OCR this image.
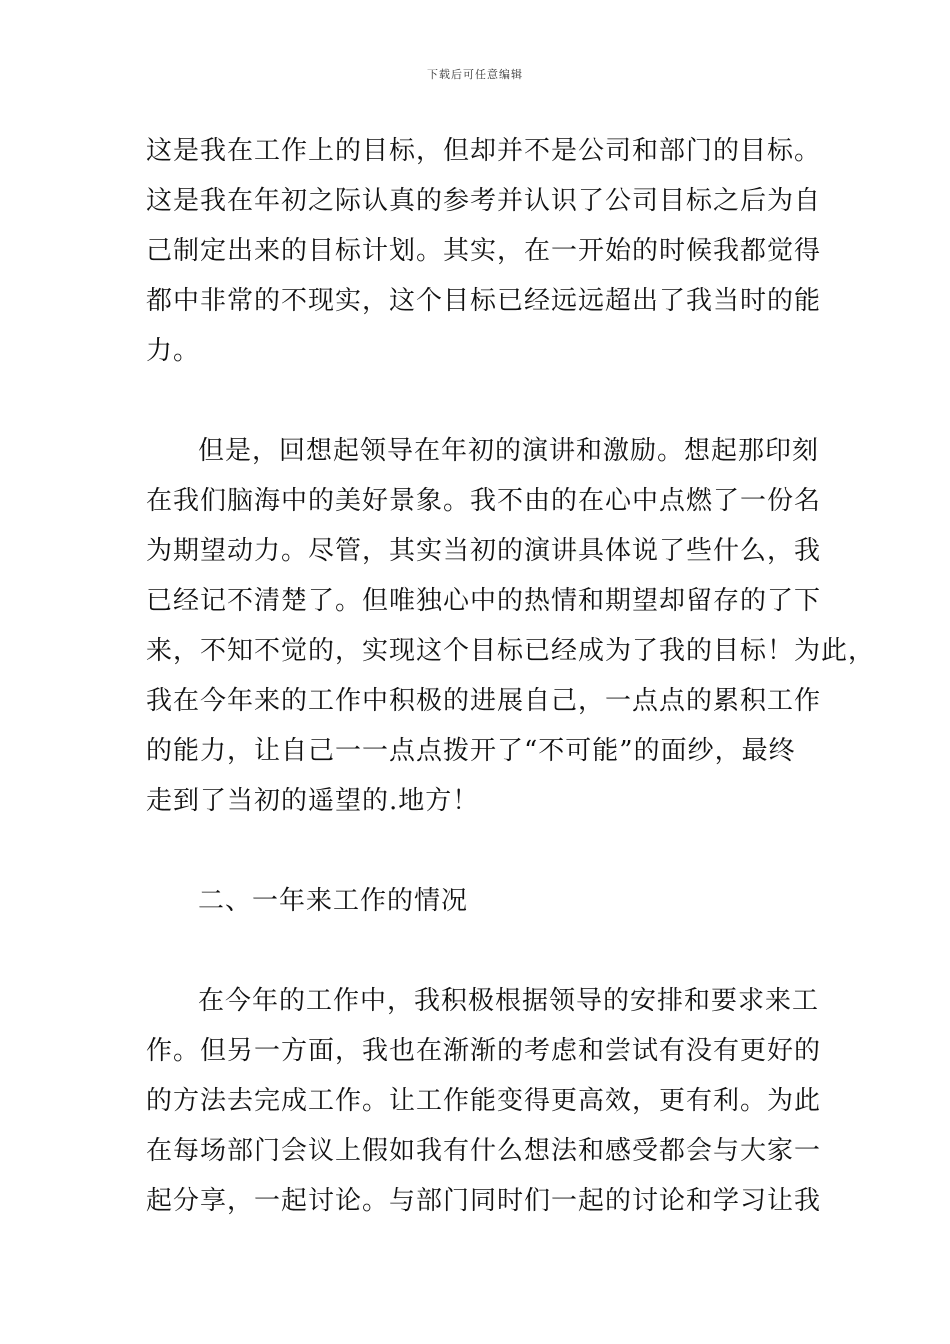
下载后可任意编辑
这是我在工作上的目标，但却并不是公司和部门的目标。
这是我在年初之际认真的参考并认识了公司目标之后为自
己制定出来的目标计划。其实，在一开始的时候我都觉得
都中非常的不现实，这个目标已经远远超出了我当时的能
力。
但是，回想起领导在年初的演讲和激励。想起那印刻
在我们脑海中的美好景象。我不由的在心中点燃了一份名
为期望动力。尽管，其实当初的演讲具体说了些什么，我
已经记不清楚了。但唯独心中的热情和期望却留存的了下
来，不知不觉的，实现这个目标已经成为了我的目标！为此，
我在今年来的工作中积极的进展自己，一点点的累积工作
的能力，让自己一一点点拨开了“不可能”的面纱，最终
走到了当初的遥望的.地方！
二、一年来工作的情况
在今年的工作中，我积极根据领导的安排和要求来工
作。但另一方面，我也在渐渐的考虑和尝试有没有更好的
的方法去完成工作。让工作能变得更高效，更有利。为此
在每场部门会议上假如我有什么想法和感受都会与大家一
起分享，一起讨论。与部门同时们一起的讨论和学习让我
